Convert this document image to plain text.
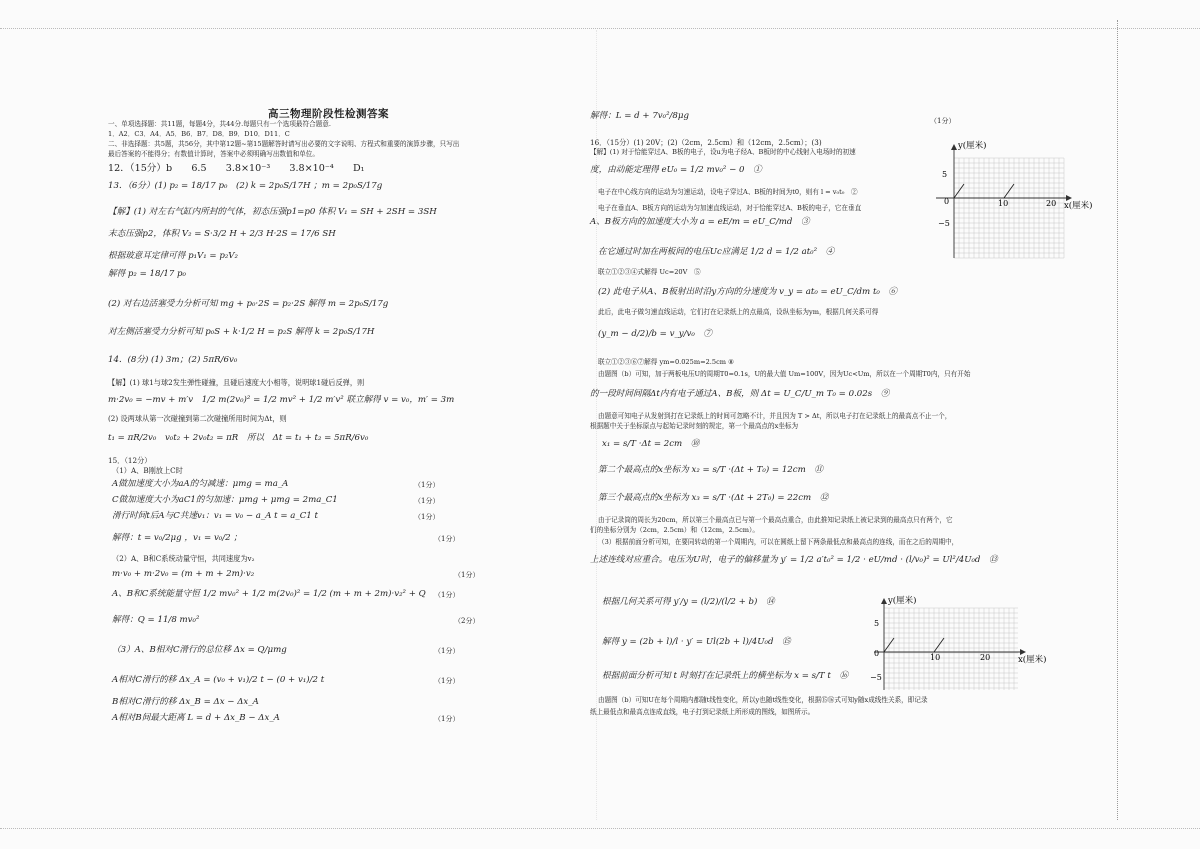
高三物理阶段性检测答案
一、单项选择题：共11题，每题4分，共44分.每题只有一个选项最符合题意.
1．A2．C3．A4．A5．B6．B7．D8．B9．D10．D11．C
二、非选择题：共5题，共56分，其中第12题~第15题解答时请写出必要的文字说明、方程式和重要的演算步骤，只写出
最后答案的不能得分；有数值计算时，答案中必须明确写出数值和单位。
12．（15分）b　　6.5　　3.8×10⁻³　　3.8×10⁻⁴　　D₁
13．（6分）(1) p₂ = 18/17 p₀　(2) k = 2p₀S/17H ；m = 2p₀S/17g
【解】(1) 对左右气缸内所封的气体，初态压强p1=p0 体积 V₁ = SH + 2SH = 3SH
末态压强p2，体积 V₂ = S·3/2 H + 2/3 H·2S = 17/6 SH
根据玻意耳定律可得 p₁V₁ = p₂V₂
解得 p₂ = 18/17 p₀
(2) 对右边活塞受力分析可知 mg + p₀·2S = p₂·2S 解得 m = 2p₀S/17g
对左侧活塞受力分析可知 p₀S + k·1/2 H = p₂S 解得 k = 2p₀S/17H
14．(8分) (1) 3m；(2) 5πR/6v₀
【解】(1) 球1与球2发生弹性碰撞，且碰后速度大小相等，说明球1碰后反弹，则
m·2v₀ = −mv + m′v　1/2 m(2v₀)² = 1/2 mv² + 1/2 m′v² 联立解得 v = v₀，m′ = 3m
(2) 设两球从第一次碰撞到第二次碰撞所用时间为Δt，则
t₁ = πR/2v₀　v₀t₂ + 2v₀t₂ = πR　所以　Δt = t₁ + t₂ = 5πR/6v₀
15．（12分）
（1）A、B刚放上C时
A做加速度大小为aA的匀减速：μmg = ma_A
C做加速度大小为aC1的匀加速：μmg + μmg = 2ma_C1
滑行时间t后A与C共速v₁：v₁ = v₀ − a_A t = a_C1 t
解得：t = v₀/2μg ，v₁ = v₀/2 ；
（2）A、B和C系统动量守恒，共同速度为v₂
m·v₀ + m·2v₀ = (m + m + 2m)·v₂
A、B和C系统能量守恒 1/2 mv₀² + 1/2 m(2v₀)² = 1/2 (m + m + 2m)·v₂² + Q
解得：Q = 11/8 mv₀²
（3）A、B相对C滑行的总位移 Δx = Q/μmg
A相对C滑行的移 Δx_A = (v₀ + v₁)/2 t − (0 + v₁)/2 t
B相对C滑行的移 Δx_B = Δx − Δx_A
A相对B间最大距离 L = d + Δx_B − Δx_A
（1分）
（1分）
（1分）
（1分）
（1分）
（1分）
（2分）
（1分）
（1分）
（1分）
解得：L = d + 7v₀²/8μg	（1分）
16．（15分）(1) 20V；(2)（2cm，2.5cm）和（12cm，2.5cm）；(3)
【解】(1) 对于恰能穿过A、B板的电子，设u为电子经A、B板时的中心线射入电场时的初速
度，由动能定理得 eU₀ = 1/2 mv₀² − 0　①
电子在中心线方向的运动为匀速运动，设电子穿过A、B板的时间为t0，则有 l = v₀t₀　②
电子在垂直A、B板方向的运动为匀加速直线运动，对于恰能穿过A、B板的电子，它在垂直
A、B板方向的加速度大小为 a = eE/m = eU_C/md　③
在它通过时加在两板间的电压Uc应满足 1/2 d = 1/2 at₀²　④
联立①②③④式解得 Uc=20V　⑤
(2) 此电子从A、B板射出时沿y方向的分速度为 v_y = at₀ = eU_C/dm t₀　⑥
此后，此电子做匀速直线运动，它们打在记录纸上的点最高，设纵坐标为ym，根据几何关系可得
(y_m − d/2)/b = v_y/v₀　⑦
联立①②③⑥⑦解得 ym=0.025m=2.5cm ⑧
由题图（b）可知，加于两板电压U的周期T0=0.1s，U的最大值 Um=100V，因为Uc<Um，所以在一个周期T0内，只有开始
的一段时间间隔Δt内有电子通过A、B板，则 Δt = U_C/U_m T₀ = 0.02s　⑨
由题意可知电子从发射到打在记录纸上的时间可忽略不计，并且因为 T > Δt，所以电子打在记录纸上的最高点不止一个，
根据题中关于坐标原点与起始记录时刻的规定，第一个最高点的x坐标为
x₁ = s/T ·Δt = 2cm　⑩
第二个最高点的x坐标为 x₂ = s/T ·(Δt + T₀) = 12cm　⑪
第三个最高点的x坐标为 x₃ = s/T ·(Δt + 2T₀) = 22cm　⑫
由于记录筒的周长为20cm，所以第三个最高点已与第一个最高点重合，由此推知记录纸上被记录到的最高点只有两个，它
们的坐标分别为（2cm，2.5cm）和（12cm，2.5cm）。
（3）根据前面分析可知，在要同转动的第一个周期内，可以在圆纸上留下两条最低点和最高点的连线，而在之后的周期中，
上述连线对应重合。电压为U时，电子的偏移量为 y′ = 1/2 a′t₀² = 1/2 · eU/md · (l/v₀)² = Ul²/4U₀d　⑬
根据几何关系可得 y′/y = (l/2)/(l/2 + b)　⑭
解得 y = (2b + l)/l · y′ = Ul(2b + l)/4U₀d　⑮
根据前面分析可知 t 时刻打在记录纸上的横坐标为 x = s/T t　⑯
由题图（b）可知U在每个周期内都随t线性变化，所以y也随t线性变化，根据⑮⑯式可知y随x成线性关系，即记录
纸上最低点和最高点连成直线，电子打到记录纸上所形成的图线，如图所示。
y(厘米)
x(厘米)
5
0
−5
10	20
y(厘米)
x(厘米)
5
0
−5
10	20
